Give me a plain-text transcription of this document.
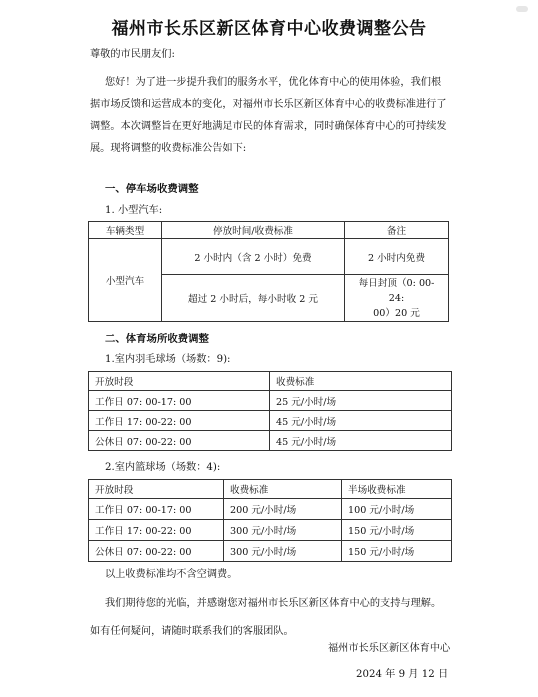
福州市长乐区新区体育中心收费调整公告
尊敬的市民朋友们:
您好！为了进一步提升我们的服务水平，优化体育中心的使用体验，我们根
据市场反馈和运营成本的变化，对福州市长乐区新区体育中心的收费标准进行了
调整。本次调整旨在更好地满足市民的体育需求，同时确保体育中心的可持续发
展。现将调整的收费标准公告如下:
一、停车场收费调整
1. 小型汽车:
车辆类型	停放时间/收费标准	备注
小型汽车	2 小时内（含 2 小时）免费	2 小时内免费
	超过 2 小时后，每小时收 2 元	每日封顶（0: 00-24:
00）20 元
二、体育场所收费调整
1.室内羽毛球场（场数：9):
开放时段	收费标准
工作日 07: 00-17: 00	25 元/小时/场
工作日 17: 00-22: 00	45 元/小时/场
公休日 07: 00-22: 00	45 元/小时/场
2.室内篮球场（场数：4):
开放时段	收费标准	半场收费标准
工作日 07: 00-17: 00	200 元/小时/场	100 元/小时/场
工作日 17: 00-22: 00	300 元/小时/场	150 元/小时/场
公休日 07: 00-22: 00	300 元/小时/场	150 元/小时/场
以上收费标准均不含空调费。
我们期待您的光临，并感谢您对福州市长乐区新区体育中心的支持与理解。
如有任何疑问，请随时联系我们的客服团队。
福州市长乐区新区体育中心
2024 年 9 月 12 日
